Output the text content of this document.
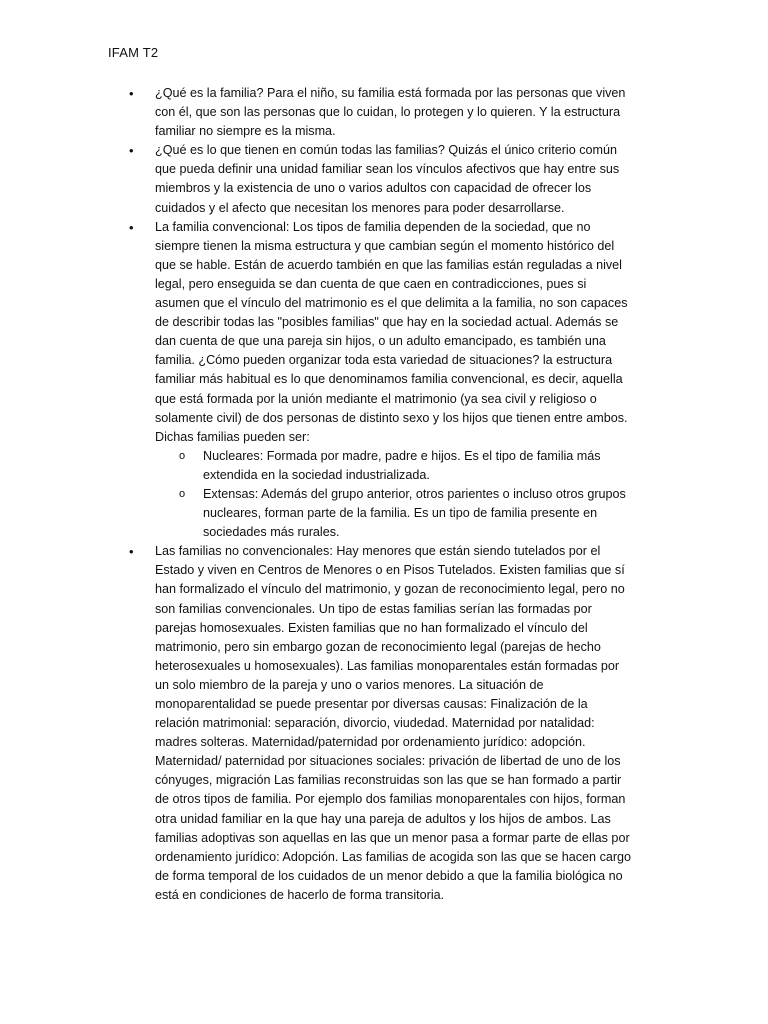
IFAM T2
• ¿Qué es la familia? Para el niño, su familia está formada por las personas que viven con él, que son las personas que lo cuidan, lo protegen y lo quieren. Y la estructura familiar no siempre es la misma.
• ¿Qué es lo que tienen en común todas las familias? Quizás el único criterio común que pueda definir una unidad familiar sean los vínculos afectivos que hay entre sus miembros y la existencia de uno o varios adultos con capacidad de ofrecer los cuidados y el afecto que necesitan los menores para poder desarrollarse.
• La familia convencional: Los tipos de familia dependen de la sociedad, que no siempre tienen la misma estructura y que cambian según el momento histórico del que se hable. Están de acuerdo también en que las familias están reguladas a nivel legal, pero enseguida se dan cuenta de que caen en contradicciones, pues si asumen que el vínculo del matrimonio es el que delimita a la familia, no son capaces de describir todas las "posibles familias" que hay en la sociedad actual. Además se dan cuenta de que una pareja sin hijos, o un adulto emancipado, es también una familia. ¿Cómo pueden organizar toda esta variedad de situaciones? la estructura familiar más habitual es lo que denominamos familia convencional, es decir, aquella que está formada por la unión mediante el matrimonio (ya sea civil y religioso o solamente civil) de dos personas de distinto sexo y los hijos que tienen entre ambos. Dichas familias pueden ser:
o Nucleares: Formada por madre, padre e hijos. Es el tipo de familia más extendida en la sociedad industrializada.
o Extensas: Además del grupo anterior, otros parientes o incluso otros grupos nucleares, forman parte de la familia. Es un tipo de familia presente en sociedades más rurales.
• Las familias no convencionales: Hay menores que están siendo tutelados por el Estado y viven en Centros de Menores o en Pisos Tutelados. Existen familias que sí han formalizado el vínculo del matrimonio, y gozan de reconocimiento legal, pero no son familias convencionales. Un tipo de estas familias serían las formadas por parejas homosexuales. Existen familias que no han formalizado el vínculo del matrimonio, pero sin embargo gozan de reconocimiento legal (parejas de hecho heterosexuales u homosexuales). Las familias monoparentales están formadas por un solo miembro de la pareja y uno o varios menores. La situación de monoparentalidad se puede presentar por diversas causas: Finalización de la relación matrimonial: separación, divorcio, viudedad. Maternidad por natalidad: madres solteras. Maternidad/paternidad por ordenamiento jurídico: adopción. Maternidad/ paternidad por situaciones sociales: privación de libertad de uno de los cónyuges, migración Las familias reconstruidas son las que se han formado a partir de otros tipos de familia. Por ejemplo dos familias monoparentales con hijos, forman otra unidad familiar en la que hay una pareja de adultos y los hijos de ambos. Las familias adoptivas son aquellas en las que un menor pasa a formar parte de ellas por ordenamiento jurídico: Adopción. Las familias de acogida son las que se hacen cargo de forma temporal de los cuidados de un menor debido a que la familia biológica no está en condiciones de hacerlo de forma transitoria.
